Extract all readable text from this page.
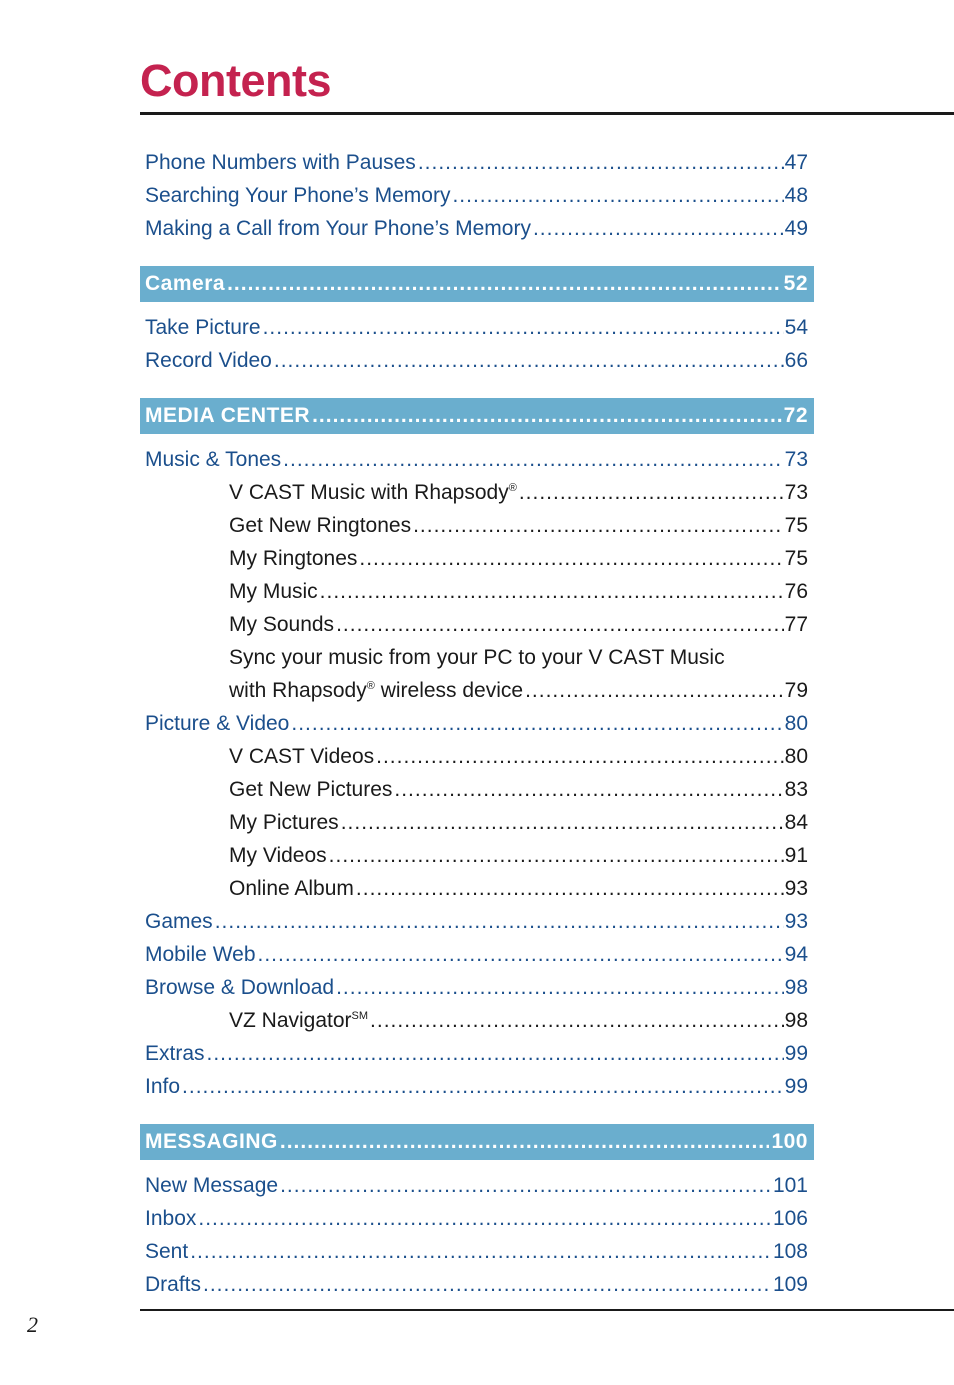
Contents
Phone Numbers with Pauses .....	47
Searching Your Phone’s Memory .....	48
Making a Call from Your Phone’s Memory .....	49
Camera .....	52
Take Picture .....	54
Record Video .....	66
MEDIA CENTER .....	72
Music & Tones .....	73
V CAST Music with Rhapsody® .....	73
Get New Ringtones .....	75
My Ringtones .....	75
My Music .....	76
My Sounds .....	77
Sync your music from your PC to your V CAST Music
with Rhapsody® wireless device .....	79
Picture & Video .....	80
V CAST Videos .....	80
Get New Pictures .....	83
My Pictures .....	84
My Videos .....	91
Online Album .....	93
Games .....	93
Mobile Web .....	94
Browse & Download .....	98
VZ Navigator℠ .....	98
Extras .....	99
Info .....	99
MESSAGING .....	100
New Message .....	101
Inbox .....	106
Sent .....	108
Drafts .....	109
2
